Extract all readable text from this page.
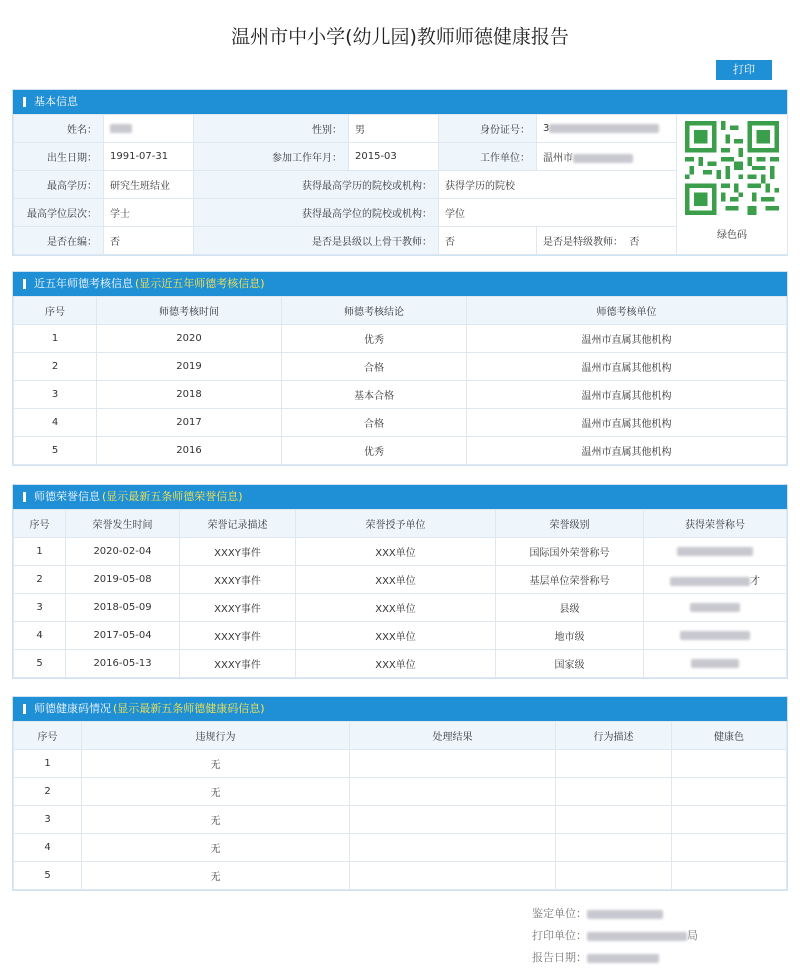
温州市中小学(幼儿园)教师师德健康报告
打印
基本信息
姓名：		性别：	男	身份证号：	3	绿色码

出生日期：	1991-07-31	参加工作年月：	2015-03	工作单位：	温州市	
最高学历：	研究生班结业	获得最高学历的院校或机构：		获得学历的院校		
最高学位层次：	学士	获得最高学位的院校或机构：		学位		
是否在编：	否	是否是县级以上骨干教师：		否	是否是特级教师： 否	
近五年师德考核信息 (显示近五年师德考核信息)
序号	师德考核时间	师德考核结论	师德考核单位
1	2020	优秀	温州市直属其他机构
2	2019	合格	温州市直属其他机构
3	2018	基本合格	温州市直属其他机构
4	2017	合格	温州市直属其他机构
5	2016	优秀	温州市直属其他机构
师德荣誉信息 (显示最新五条师德荣誉信息)
序号	荣誉发生时间	荣誉记录描述	荣誉授予单位	荣誉级别	获得荣誉称号
1	2020-02-04	XXXY事件	XXX单位	国际国外荣誉称号	
2	2019-05-08	XXXY事件	XXX单位	基层单位荣誉称号	才
3	2018-05-09	XXXY事件	XXX单位	县级	
4	2017-05-04	XXXY事件	XXX单位	地市级	
5	2016-05-13	XXXY事件	XXX单位	国家级	
师德健康码情况 (显示最新五条师德健康码信息)
序号	违规行为	处理结果	行为描述	健康色
1	无			
2	无			
3	无			
4	无			
5	无			
鉴定单位：
打印单位：	局
报告日期：
